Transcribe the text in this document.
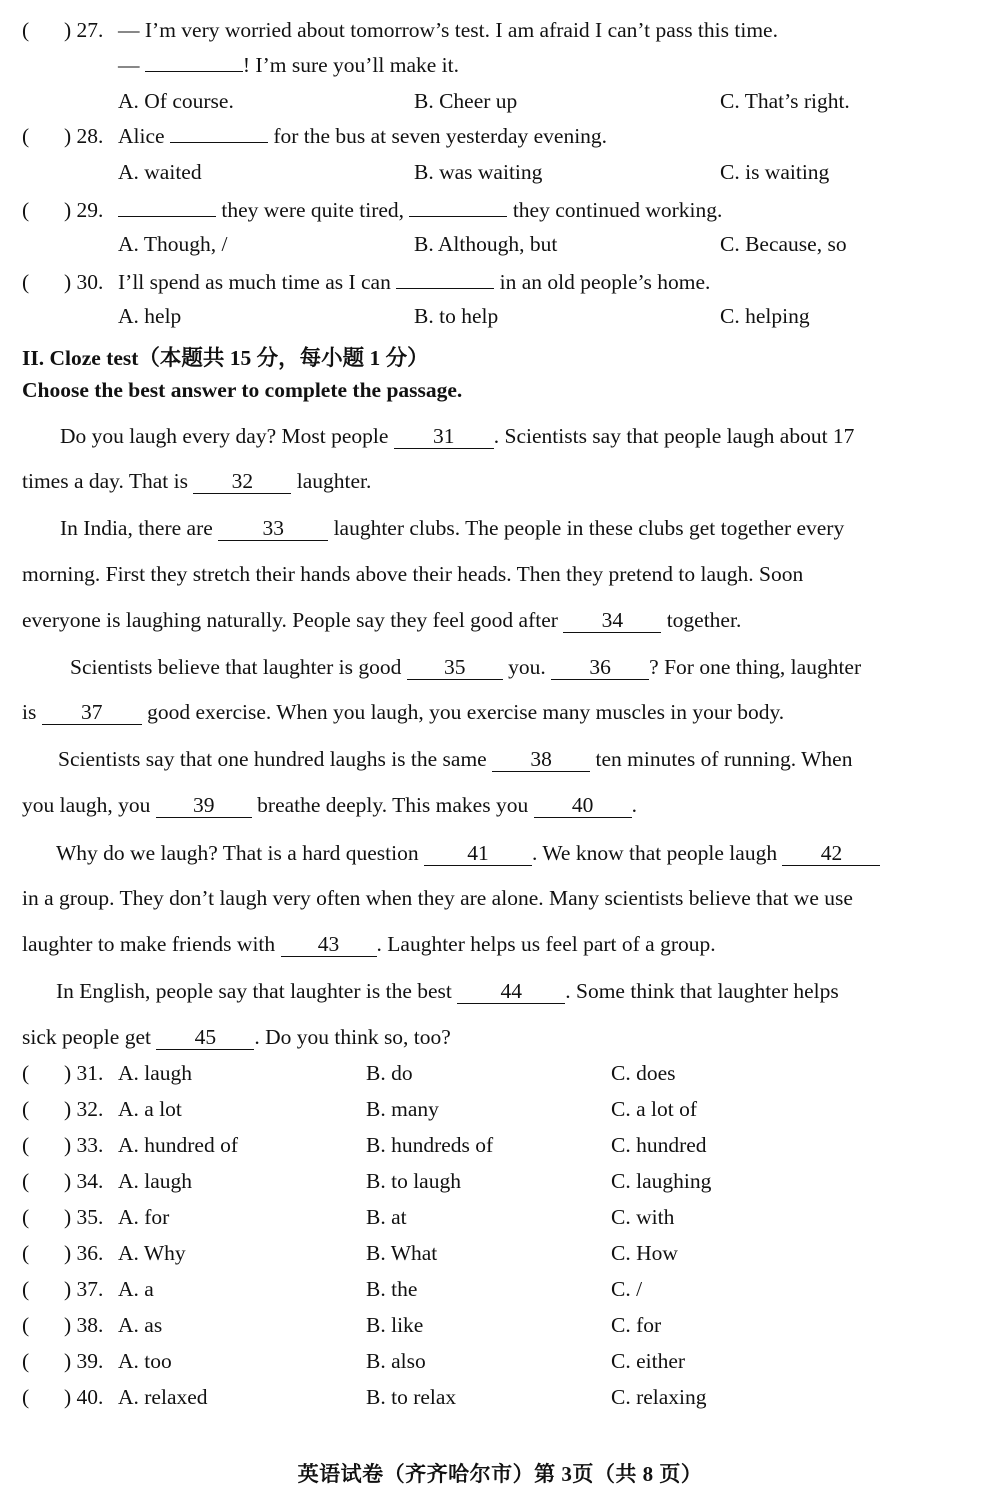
( ) 27. — I’m very worried about tomorrow’s test. I am afraid I can’t pass this time.
—	! I’m sure you’ll make it.
A. Of course.	B. Cheer up	C. That’s right.
( ) 28. Alice	for the bus at seven yesterday evening.
A. waited	B. was waiting	C. is waiting
( ) 29.	they were quite tired,	they continued working.
A. Though, /	B. Although, but	C. Because, so
( ) 30. I’ll spend as much time as I can	in an old people’s home.
A. help	B. to help	C. helping
II. Cloze test（本题共 15 分，每小题 1 分）
Choose the best answer to complete the passage.
Do you laugh every day? Most people 31 . Scientists say that people laugh about 17
times a day. That is 32 laughter.
In India, there are 33 laughter clubs. The people in these clubs get together every
morning. First they stretch their hands above their heads. Then they pretend to laugh. Soon
everyone is laughing naturally. People say they feel good after 34 together.
Scientists believe that laughter is good 35 you. 36 ? For one thing, laughter
is 37 good exercise. When you laugh, you exercise many muscles in your body.
Scientists say that one hundred laughs is the same 38 ten minutes of running. When
you laugh, you 39 breathe deeply. This makes you 40 .
Why do we laugh? That is a hard question 41 . We know that people laugh 42
in a group. They don’t laugh very often when they are alone. Many scientists believe that we use
laughter to make friends with 43 . Laughter helps us feel part of a group.
In English, people say that laughter is the best 44 . Some think that laughter helps
sick people get 45 . Do you think so, too?
( ) 31. A. laugh	B. do	C. does
( ) 32. A. a lot	B. many	C. a lot of
( ) 33. A. hundred of	B. hundreds of	C. hundred
( ) 34. A. laugh	B. to laugh	C. laughing
( ) 35. A. for	B. at	C. with
( ) 36. A. Why	B. What	C. How
( ) 37. A. a	B. the	C. /
( ) 38. A. as	B. like	C. for
( ) 39. A. too	B. also	C. either
( ) 40. A. relaxed	B. to relax	C. relaxing
英语试卷（齐齐哈尔市）第 3页（共 8 页）
